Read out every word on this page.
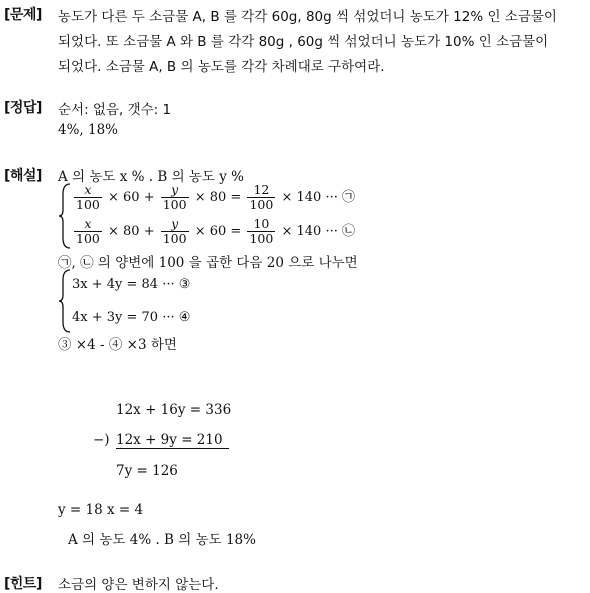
[문제] 농도가 다른 두 소금물 A, B 를 각각 60g, 80g 씩 섞었더니 농도가 12% 인 소금물이
되었다. 또 소금물 A 와 B 를 각각 80g , 60g 씩 섞었더니 농도가 10% 인 소금물이
되었다. 소금물 A, B 의 농도를 각각 차례대로 구하여라.
[정답] 순서: 없음, 갯수: 1
4%, 18%
[해설] A 의 농도 x % . B 의 농도 y %
$\frac{x}{100} \times 60 + \frac{y}{100} \times 80 = \frac{12}{100} \times 140$ ··· ㉠
$\frac{x}{100} \times 80 + \frac{y}{100} \times 60 = \frac{10}{100} \times 140$ ··· ㉡
㉠, ㉡ 의 양변에 100 을 곱한 다음 20 으로 나누면
3x + 4y = 84 ··· ③
4x + 3y = 70 ··· ④
③ ×4 - ④ ×3 하면
12x + 16y = 336
−) 12x + 9y = 210
7y = 126
y = 18 x = 4
A 의 농도 4% . B 의 농도 18%
[힌트] 소금의 양은 변하지 않는다.
